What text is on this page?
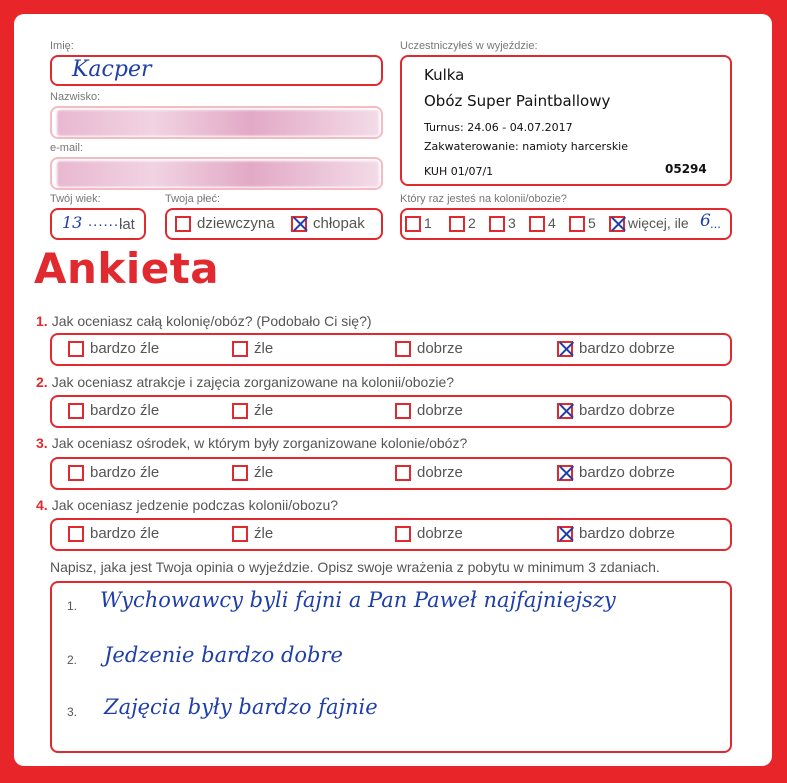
Imię:
Kacper
Nazwisko:
e-mail:
Twój wiek:
13 .......
lat
Twoja płeć:
dziewczyna	chłopak
Uczestniczyłeś w wyjeździe:
Kulka
Obóz Super Paintballowy
Turnus: 24.06 - 04.07.2017
Zakwaterowanie: namioty harcerskie
KUH 01/07/1	05294
Który raz jesteś na kolonii/obozie?
1	2	3	4	5	więcej, ile 6 ...
Ankieta
1. Jak oceniasz całą kolonię/obóz? (Podobało Ci się?)
bardzo źle	źle	dobrze	bardzo dobrze
2. Jak oceniasz atrakcje i zajęcia zorganizowane na kolonii/obozie?
bardzo źle	źle	dobrze	bardzo dobrze
3. Jak oceniasz ośrodek, w którym były zorganizowane kolonie/obóz?
bardzo źle	źle	dobrze	bardzo dobrze
4. Jak oceniasz jedzenie podczas kolonii/obozu?
bardzo źle	źle	dobrze	bardzo dobrze
Napisz, jaka jest Twoja opinia o wyjeździe. Opisz swoje wrażenia z pobytu w minimum 3 zdaniach.
1. Wychowawcy byli fajni a Pan Paweł najfajniejszy
2. Jedzenie bardzo dobre
3. Zajęcia były bardzo fajnie
